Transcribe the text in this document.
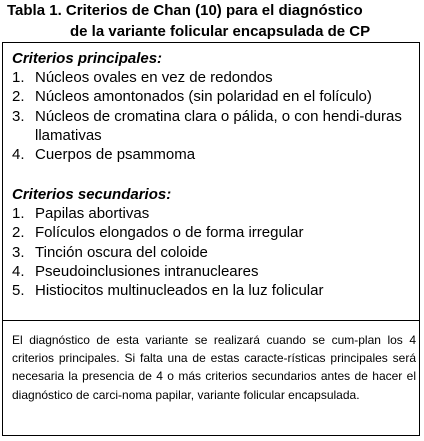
Tabla 1. Criterios de Chan (10) para el diagnóstico
de la variante folicular encapsulada de CP
Criterios principales:
1. Núcleos ovales en vez de redondos
2. Núcleos amontonados (sin polaridad en el folículo)
3. Núcleos de cromatina clara o pálida, o con hendi-duras llamativas
4. Cuerpos de psammoma
Criterios secundarios:
1. Papilas abortivas
2. Folículos elongados o de forma irregular
3. Tinción oscura del coloide
4. Pseudoinclusiones intranucleares
5. Histiocitos multinucleados en la luz folicular
El diagnóstico de esta variante se realizará cuando se cum-plan los 4 criterios principales. Si falta una de estas caracte-rísticas principales será necesaria la presencia de 4 o más criterios secundarios antes de hacer el diagnóstico de carci-noma papilar, variante folicular encapsulada.
